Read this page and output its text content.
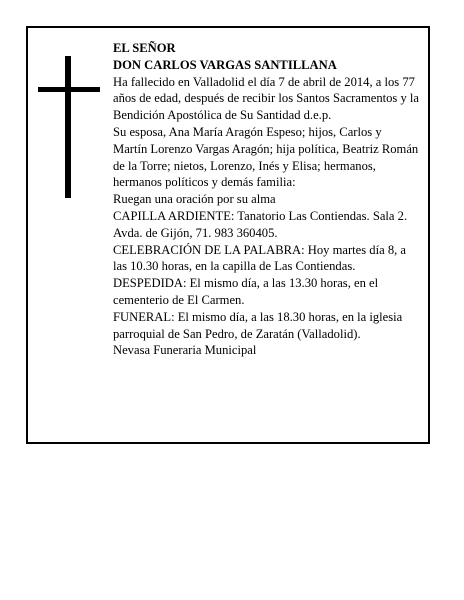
EL SEÑOR

DON CARLOS VARGAS SANTILLANA

Ha fallecido en Valladolid el día 7 de abril de 2014, a los 77 años de edad, después de recibir los Santos Sacramentos y la Bendición Apostólica de Su Santidad d.e.p.

Su esposa, Ana María Aragón Espeso; hijos, Carlos y Martín Lorenzo Vargas Aragón; hija política, Beatriz Román de la Torre; nietos, Lorenzo, Inés y Elisa; hermanos, hermanos políticos y demás familia:

Ruegan una oración por su alma

CAPILLA ARDIENTE: Tanatorio Las Contiendas. Sala 2. Avda. de Gijón, 71. 983 360405.

CELEBRACIÓN DE LA PALABRA: Hoy martes día 8, a las 10.30 horas, en la capilla de Las Contiendas.

DESPEDIDA: El mismo día, a las 13.30 horas, en el cementerio de El Carmen.

FUNERAL: El mismo día, a las 18.30 horas, en la iglesia parroquial de San Pedro, de Zaratán (Valladolid).

Nevasa Funeraria Municipal
